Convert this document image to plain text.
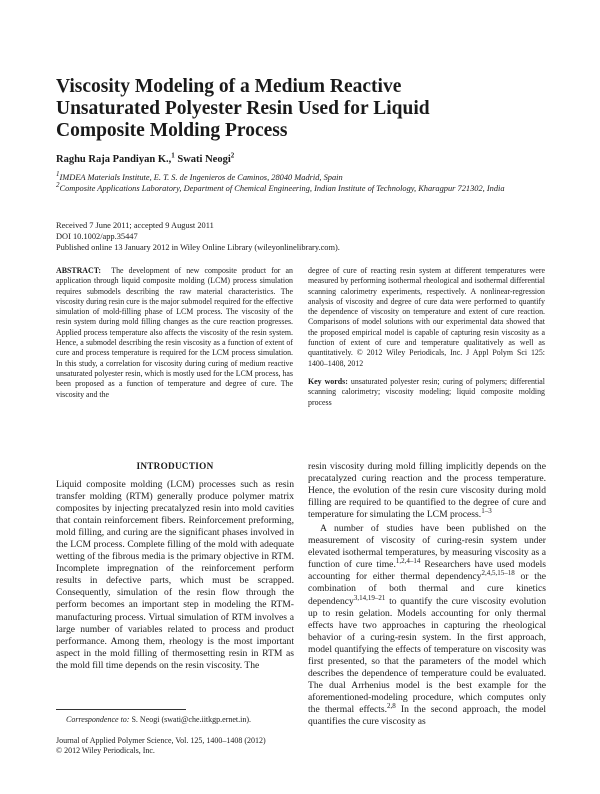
Viscosity Modeling of a Medium Reactive Unsaturated Polyester Resin Used for Liquid Composite Molding Process
Raghu Raja Pandiyan K.,$^1$ Swati Neogi$^2$
$^1$IMDEA Materials Institute, E. T. S. de Ingenieros de Caminos, 28040 Madrid, Spain
$^2$Composite Applications Laboratory, Department of Chemical Engineering, Indian Institute of Technology, Kharagpur 721302, India
Received 7 June 2011; accepted 9 August 2011
DOI 10.1002/app.35447
Published online 13 January 2012 in Wiley Online Library (wileyonlinelibrary.com).
ABSTRACT: The development of new composite product for an application through liquid composite molding (LCM) process simulation requires submodels describing the raw material characteristics. The viscosity during resin cure is the major submodel required for the effective simulation of mold-filling phase of LCM process. The viscosity of the resin system during mold filling changes as the cure reaction progresses. Applied process temperature also affects the viscosity of the resin system. Hence, a submodel describing the resin viscosity as a function of extent of cure and process temperature is required for the LCM process simulation. In this study, a correlation for viscosity during curing of medium reactive unsaturated polyester resin, which is mostly used for the LCM process, has been proposed as a function of temperature and degree of cure. The viscosity and the
degree of cure of reacting resin system at different temperatures were measured by performing isothermal rheological and isothermal differential scanning calorimetry experiments, respectively. A nonlinear-regression analysis of viscosity and degree of cure data were performed to quantify the dependence of viscosity on temperature and extent of cure reaction. Comparisons of model solutions with our experimental data showed that the proposed empirical model is capable of capturing resin viscosity as a function of extent of cure and temperature qualitatively as well as quantitatively. © 2012 Wiley Periodicals, Inc. J Appl Polym Sci 125: 1400–1408, 2012
Key words: unsaturated polyester resin; curing of polymers; differential scanning calorimetry; viscosity modeling; liquid composite molding process
INTRODUCTION

Liquid composite molding (LCM) processes such as resin transfer molding (RTM) generally produce polymer matrix composites by injecting precatalyzed resin into mold cavities that contain reinforcement fibers. Reinforcement preforming, mold filling, and curing are the significant phases involved in the LCM process. Complete filling of the mold with adequate wetting of the fibrous media is the primary objective in RTM. Incomplete impregnation of the reinforcement perform results in defective parts, which must be scrapped. Consequently, simulation of the resin flow through the perform becomes an important step in modeling the RTM-manufacturing process. Virtual simulation of RTM involves a large number of variables related to process and product performance. Among them, rheology is the most important aspect in the mold filling of thermosetting resin in RTM as the mold fill time depends on the resin viscosity. The

resin viscosity during mold filling implicitly depends on the precatalyzed curing reaction and the process temperature. Hence, the evolution of the resin cure viscosity during mold filling are required to be quantified to the degree of cure and temperature for simulating the LCM process.$^{1-3}$

A number of studies have been published on the measurement of viscosity of curing-resin system under elevated isothermal temperatures, by measuring viscosity as a function of cure time.$^{1,2,4-14}$ Researchers have used models accounting for either thermal dependency$^{2,4,5,15-18}$ or the combination of both thermal and cure kinetics dependency$^{3,14,19-21}$ to quantify the cure viscosity evolution up to resin gelation. Models accounting for only thermal effects have two approaches in capturing the rheological behavior of a curing-resin system. In the first approach, model quantifying the effects of temperature on viscosity was first presented, so that the parameters of the model which describes the dependence of temperature could be evaluated. The dual Arrhenius model is the best example for the aforementioned-modeling procedure, which computes only the thermal effects.$^{2,8}$ In the second approach, the model quantifies the cure viscosity as

Correspondence to: S. Neogi (swati@che.iitkgp.ernet.in).
Journal of Applied Polymer Science, Vol. 125, 1400–1408 (2012)
© 2012 Wiley Periodicals, Inc.
